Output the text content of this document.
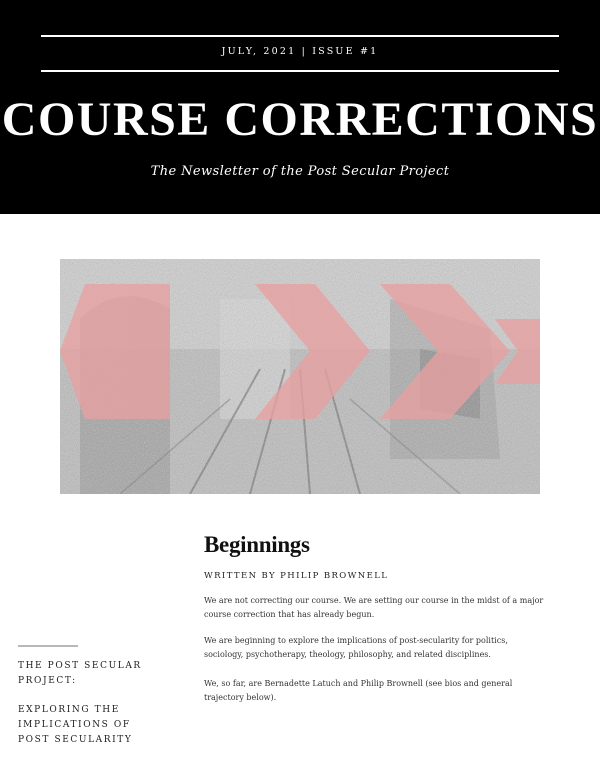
JULY, 2021 | ISSUE #1
COURSE CORRECTIONS
The Newsletter of the Post Secular Project
Beginnings
WRITTEN BY PHILIP BROWNELL

We are not correcting our course. We are setting our course in the midst of a major course correction that has already begun.

We are beginning to explore the implications of post-secularity for politics, sociology, psychotherapy, theology, philosophy, and related disciplines.

We, so far, are Bernadette Latuch and Philip Brownell (see bios and general trajectory below).

THE POST SECULAR PROJECT:

EXPLORING THE IMPLICATIONS OF POST SECULARITY
